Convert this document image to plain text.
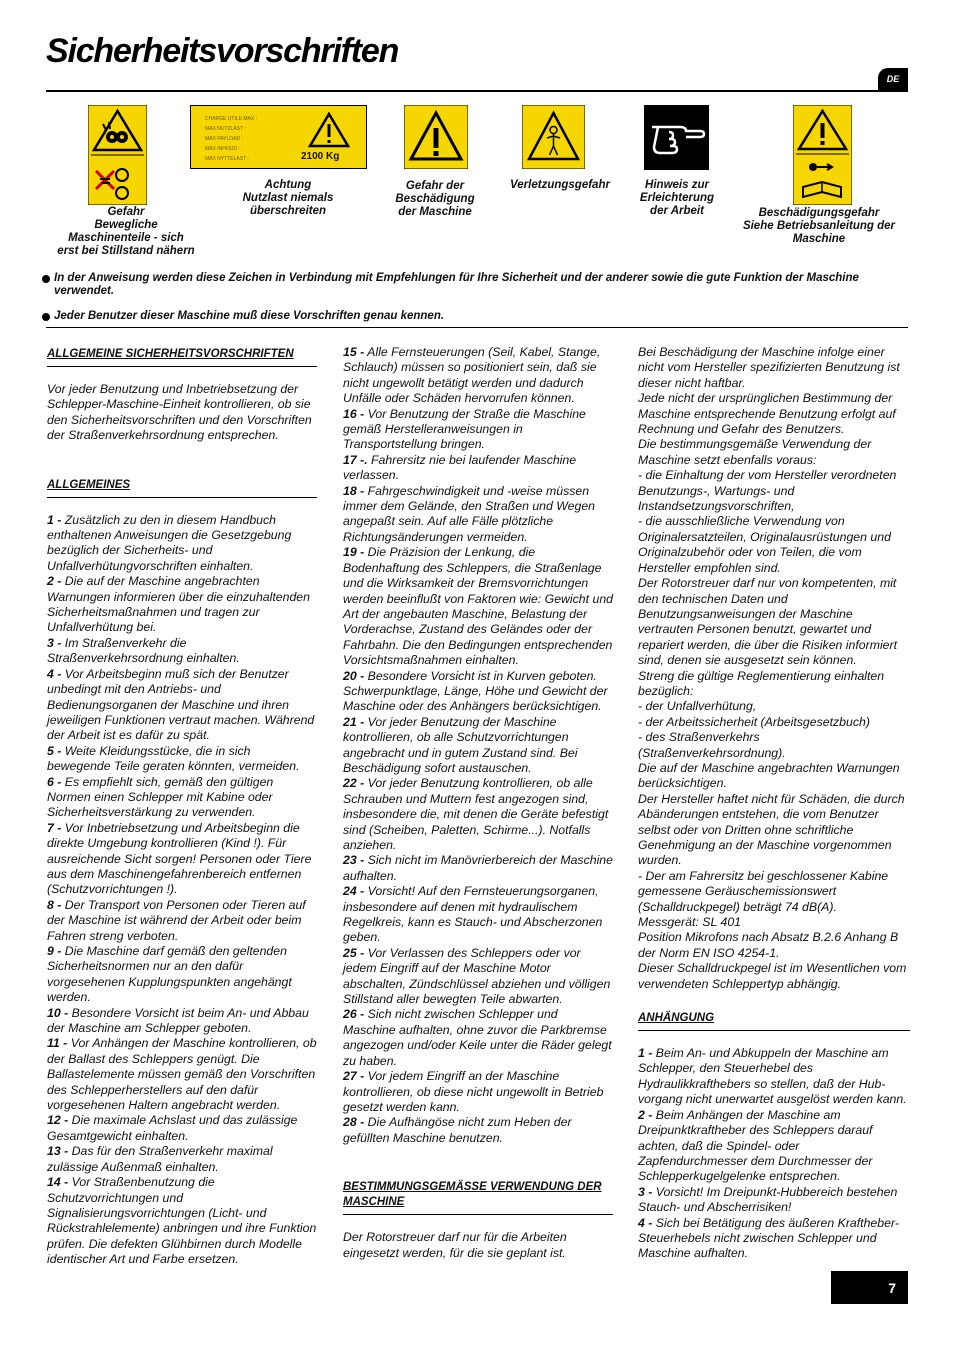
Sicherheitsvorschriften
DE
Gefahr
Bewegliche
Maschinenteile - sich
erst bei Stillstand nähern
CHARGE UTILE MAX :
MAX NUTZLAST :
MAX PAYLOAD :
MAX INHOUD :
MAX NYTTELAST :	2100 Kg
Achtung
Nutzlast niemals
überschreiten
Gefahr der
Beschädigung
der Maschine
Verletzungsgefahr	Hinweis zur
Erleichterung
der Arbeit	Beschädigungsgefahr
Siehe Betriebsanleitung der
Maschine
In der Anweisung werden diese Zeichen in Verbindung mit Empfehlungen für Ihre Sicherheit und der anderer sowie die gute Funktion der Maschine verwendet.
Jeder Benutzer dieser Maschine muß diese Vorschriften genau kennen.
ALLGEMEINE SICHERHEITSVORSCHRIFTEN

Vor jeder Benutzung und Inbetriebsetzung der Schlepper-Maschine-Einheit kontrollieren, ob sie den Sicherheitsvorschriften und den Vorschriften der Straßenverkehrsordnung entsprechen.

ALLGEMEINES

1 - Zusätzlich zu den in diesem Handbuch enthaltenen Anweisungen die Gesetzgebung bezüglich der Sicherheits- und Unfallverhütungvorschriften einhalten.

2 - Die auf der Maschine angebrachten Warnungen informieren über die einzuhaltenden Sicherheitsmaßnahmen und tragen zur Unfallverhütung bei.

3 - Im Straßenverkehr die Straßenverkehrsordnung einhalten.

4 - Vor Arbeitsbeginn muß sich der Benutzer unbedingt mit den Antriebs- und Bedienungsorganen der Maschine und ihren jeweiligen Funktionen vertraut machen. Während der Arbeit ist es dafür zu spät.

5 - Weite Kleidungsstücke, die in sich bewegende Teile geraten könnten, vermeiden.

6 - Es empfiehlt sich, gemäß den gültigen Normen einen Schlepper mit Kabine oder Sicherheitsverstärkung zu verwenden.

7 - Vor Inbetriebsetzung und Arbeitsbeginn die direkte Umgebung kontrollieren (Kind !). Für ausreichende Sicht sorgen! Personen oder Tiere aus dem Maschinengefahrenbereich entfernen (Schutzvorrichtungen !).

8 - Der Transport von Personen oder Tieren auf der Maschine ist während der Arbeit oder beim Fahren streng verboten.

9 - Die Maschine darf gemäß den geltenden Sicherheitsnormen nur an den dafür vorgesehenen Kupplungspunkten angehängt werden.

10 - Besondere Vorsicht ist beim An- und Abbau der Maschine am Schlepper geboten.

11 - Vor Anhängen der Maschine kontrollieren, ob der Ballast des Schleppers genügt. Die Ballastelemente müssen gemäß den Vorschriften des Schlepperherstellers auf den dafür vorgesehenen Haltern angebracht werden.

12 - Die maximale Achslast und das zulässige Gesamtgewicht einhalten.

13 - Das für den Straßenverkehr maximal zulässige Außenmaß einhalten.

14 - Vor Straßenbenutzung die Schutzvorrichtungen und Signalisierungsvorrichtungen (Licht- und Rückstrahlelemente) anbringen und ihre Funktion prüfen. Die defekten Glühbirnen durch Modelle identischer Art und Farbe ersetzen.

15 - Alle Fernsteuerungen (Seil, Kabel, Stange, Schlauch) müssen so positioniert sein, daß sie nicht ungewollt betätigt werden und dadurch Unfälle oder Schäden hervorrufen können.

16 - Vor Benutzung der Straße die Maschine gemäß Herstelleranweisungen in Transportstellung bringen.

17 -. Fahrersitz nie bei laufender Maschine verlassen.

18 - Fahrgeschwindigkeit und -weise müssen immer dem Gelände, den Straßen und Wegen angepaßt sein. Auf alle Fälle plötzliche Richtungsänderungen vermeiden.

19 - Die Präzision der Lenkung, die Bodenhaftung des Schleppers, die Straßenlage und die Wirksamkeit der Bremsvorrichtungen werden beeinflußt von Faktoren wie: Gewicht und Art der angebauten Maschine, Belastung der Vorderachse, Zustand des Geländes oder der Fahrbahn. Die den Bedingungen entsprechenden Vorsichtsmaßnahmen einhalten.

20 - Besondere Vorsicht ist in Kurven geboten. Schwerpunktlage, Länge, Höhe und Gewicht der Maschine oder des Anhängers berücksichtigen.

21 - Vor jeder Benutzung der Maschine kontrollieren, ob alle Schutzvorrichtungen angebracht und in gutem Zustand sind. Bei Beschädigung sofort austauschen.

22 - Vor jeder Benutzung kontrollieren, ob alle Schrauben und Muttern fest angezogen sind, insbesondere die, mit denen die Geräte befestigt sind (Scheiben, Paletten, Schirme...). Notfalls anziehen.

23 - Sich nicht im Manövrierbereich der Maschine aufhalten.

24 - Vorsicht! Auf den Fernsteuerungsorganen, insbesondere auf denen mit hydraulischem Regelkreis, kann es Stauch- und Abscherzonen geben.

25 - Vor Verlassen des Schleppers oder vor jedem Eingriff auf der Maschine Motor abschalten, Zündschlüssel abziehen und völligen Stillstand aller bewegten Teile abwarten.

26 - Sich nicht zwischen Schlepper und Maschine aufhalten, ohne zuvor die Parkbremse angezogen und/oder Keile unter die Räder gelegt zu haben.

27 - Vor jedem Eingriff an der Maschine kontrollieren, ob diese nicht ungewollt in Betrieb gesetzt werden kann.

28 - Die Aufhängöse nicht zum Heben der gefüllten Maschine benutzen.

BESTIMMUNGSGEMÄSSE VERWENDUNG DER MASCHINE

Der Rotorstreuer darf nur für die Arbeiten eingesetzt werden, für die sie geplant ist.

Bei Beschädigung der Maschine infolge einer nicht vom Hersteller spezifizierten Benutzung ist dieser nicht haftbar.

Jede nicht der ursprünglichen Bestimmung der Maschine entsprechende Benutzung erfolgt auf Rechnung und Gefahr des Benutzers.

Die bestimmungsgemäße Verwendung der Maschine setzt ebenfalls voraus:

- die Einhaltung der vom Hersteller verordneten Benutzungs-, Wartungs- und Instandsetzungsvorschriften,

- die ausschließliche Verwendung von Originalersatzteilen, Originalausrüstungen und Originalzubehör oder von Teilen, die vom Hersteller empfohlen sind.

Der Rotorstreuer darf nur von kompetenten, mit den technischen Daten und Benutzungsanweisungen der Maschine vertrauten Personen benutzt, gewartet und repariert werden, die über die Risiken informiert sind, denen sie ausgesetzt sein können.

Streng die gültige Reglementierung einhalten bezüglich:

- der Unfallverhütung,

- der Arbeitssicherheit (Arbeitsgesetzbuch)

- des Straßenverkehrs (Straßenverkehrsordnung).

Die auf der Maschine angebrachten Warnungen berücksichtigen.

Der Hersteller haftet nicht für Schäden, die durch Abänderungen entstehen, die vom Benutzer selbst oder von Dritten ohne schriftliche Genehmigung an der Maschine vorgenommen wurden.

- Der am Fahrersitz bei geschlossener Kabine gemessene Geräuschemissionswert (Schalldruckpegel) beträgt 74 dB(A).

Messgerät: SL 401

Position Mikrofons nach Absatz B.2.6 Anhang B der Norm EN ISO 4254-1.

Dieser Schalldruckpegel ist im Wesentlichen vom verwendeten Schleppertyp abhängig.

ANHÄNGUNG

1 - Beim An- und Abkuppeln der Maschine am Schlepper, den Steuerhebel des Hydraulikkrafthebers so stellen, daß der Hub-vorgang nicht unerwartet ausgelöst werden kann.

2 - Beim Anhängen der Maschine am Dreipunktkraftheber des Schleppers darauf achten, daß die Spindel- oder Zapfendurchmesser dem Durchmesser der Schlepperkugelgelenke entsprechen.

3 - Vorsicht! Im Dreipunkt-Hubbereich bestehen Stauch- und Abscherrisiken!

4 - Sich bei Betätigung des äußeren Kraftheber-Steuerhebels nicht zwischen Schlepper und Maschine aufhalten.

7
